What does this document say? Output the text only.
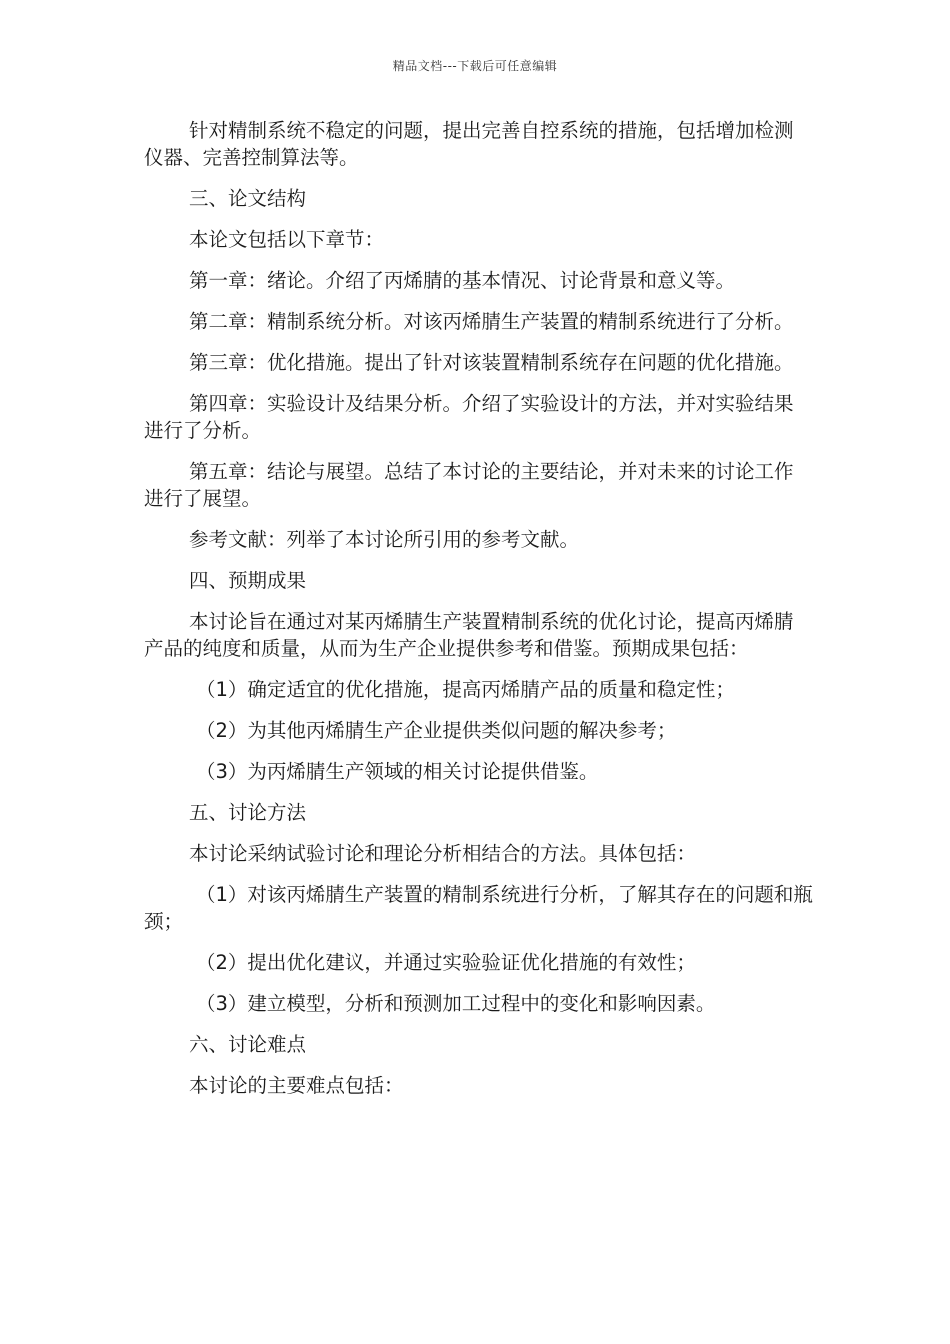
精品文档---下载后可任意编辑

针对精制系统不稳定的问题，提出完善自控系统的措施，包括增加检测仪器、完善控制算法等。

三、论文结构

本论文包括以下章节：

第一章：绪论。介绍了丙烯腈的基本情况、讨论背景和意义等。

第二章：精制系统分析。对该丙烯腈生产装置的精制系统进行了分析。

第三章：优化措施。提出了针对该装置精制系统存在问题的优化措施。

第四章：实验设计及结果分析。介绍了实验设计的方法，并对实验结果进行了分析。

第五章：结论与展望。总结了本讨论的主要结论，并对未来的讨论工作进行了展望。

参考文献：列举了本讨论所引用的参考文献。

四、预期成果

本讨论旨在通过对某丙烯腈生产装置精制系统的优化讨论，提高丙烯腈产品的纯度和质量，从而为生产企业提供参考和借鉴。预期成果包括：

（1）确定适宜的优化措施，提高丙烯腈产品的质量和稳定性；

（2）为其他丙烯腈生产企业提供类似问题的解决参考；

（3）为丙烯腈生产领域的相关讨论提供借鉴。

五、讨论方法

本讨论采纳试验讨论和理论分析相结合的方法。具体包括：

（1）对该丙烯腈生产装置的精制系统进行分析，了解其存在的问题和瓶颈；

（2）提出优化建议，并通过实验验证优化措施的有效性；

（3）建立模型，分析和预测加工过程中的变化和影响因素。

六、讨论难点

本讨论的主要难点包括：
